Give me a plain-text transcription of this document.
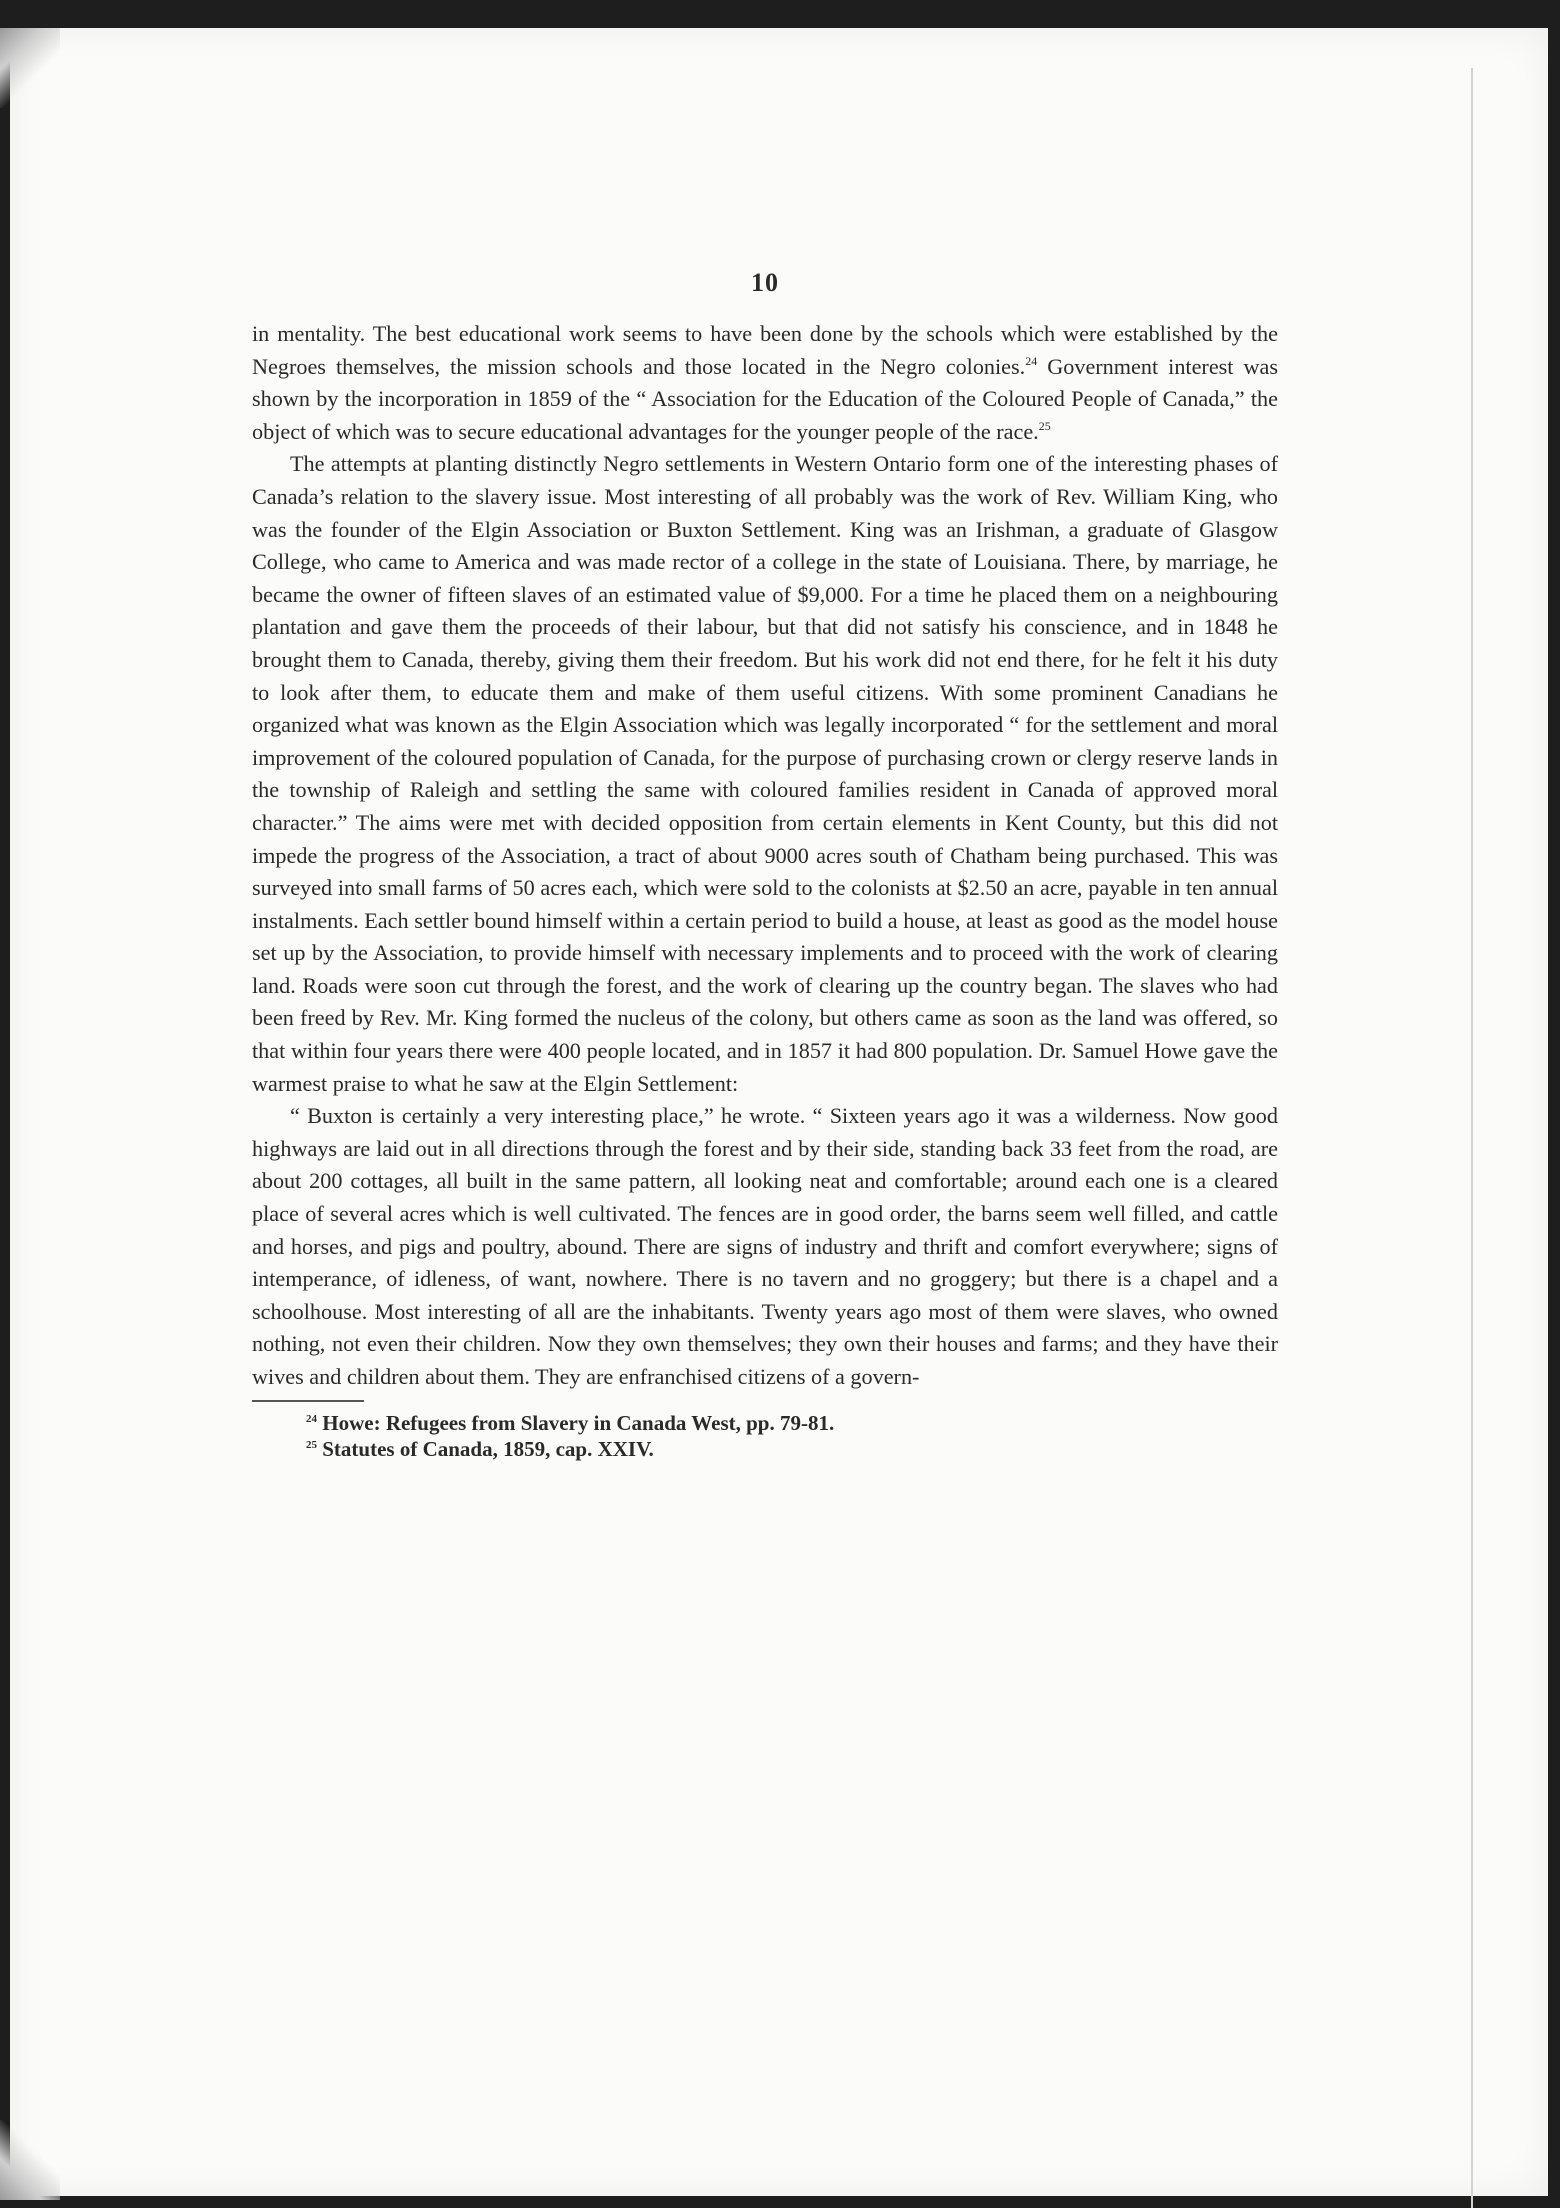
10

in mentality. The best educational work seems to have been done by the schools which were established by the Negroes themselves, the mission schools and those located in the Negro colonies.$^{24}$ Government interest was shown by the incorporation in 1859 of the “ Association for the Education of the Coloured People of Canada,” the object of which was to secure educational advantages for the younger people of the race.$^{25}$

The attempts at planting distinctly Negro settlements in Western Ontario form one of the interesting phases of Canada’s relation to the slavery issue. Most interesting of all probably was the work of Rev. William King, who was the founder of the Elgin Association or Buxton Settlement. King was an Irishman, a graduate of Glasgow College, who came to America and was made rector of a college in the state of Louisiana. There, by marriage, he became the owner of fifteen slaves of an estimated value of $9,000. For a time he placed them on a neighbouring plantation and gave them the proceeds of their labour, but that did not satisfy his conscience, and in 1848 he brought them to Canada, thereby, giving them their freedom. But his work did not end there, for he felt it his duty to look after them, to educate them and make of them useful citizens. With some prominent Canadians he organized what was known as the Elgin Association which was legally incorporated “ for the settlement and moral improvement of the coloured population of Canada, for the purpose of purchasing crown or clergy reserve lands in the township of Raleigh and settling the same with coloured families resident in Canada of approved moral character.” The aims were met with decided opposition from certain elements in Kent County, but this did not impede the progress of the Association, a tract of about 9000 acres south of Chatham being purchased. This was surveyed into small farms of 50 acres each, which were sold to the colonists at $2.50 an acre, payable in ten annual instalments. Each settler bound himself within a certain period to build a house, at least as good as the model house set up by the Association, to provide himself with necessary implements and to proceed with the work of clearing land. Roads were soon cut through the forest, and the work of clearing up the country began. The slaves who had been freed by Rev. Mr. King formed the nucleus of the colony, but others came as soon as the land was offered, so that within four years there were 400 people located, and in 1857 it had 800 population. Dr. Samuel Howe gave the warmest praise to what he saw at the Elgin Settlement:

“ Buxton is certainly a very interesting place,” he wrote. “ Sixteen years ago it was a wilderness. Now good highways are laid out in all directions through the forest and by their side, standing back 33 feet from the road, are about 200 cottages, all built in the same pattern, all looking neat and comfortable; around each one is a cleared place of several acres which is well cultivated. The fences are in good order, the barns seem well filled, and cattle and horses, and pigs and poultry, abound. There are signs of industry and thrift and comfort everywhere; signs of intemperance, of idleness, of want, nowhere. There is no tavern and no groggery; but there is a chapel and a schoolhouse. Most interesting of all are the inhabitants. Twenty years ago most of them were slaves, who owned nothing, not even their children. Now they own themselves; they own their houses and farms; and they have their wives and children about them. They are enfranchised citizens of a govern-

$^{24}$ Howe: Refugees from Slavery in Canada West, pp. 79-81.

$^{25}$ Statutes of Canada, 1859, cap. XXIV.
